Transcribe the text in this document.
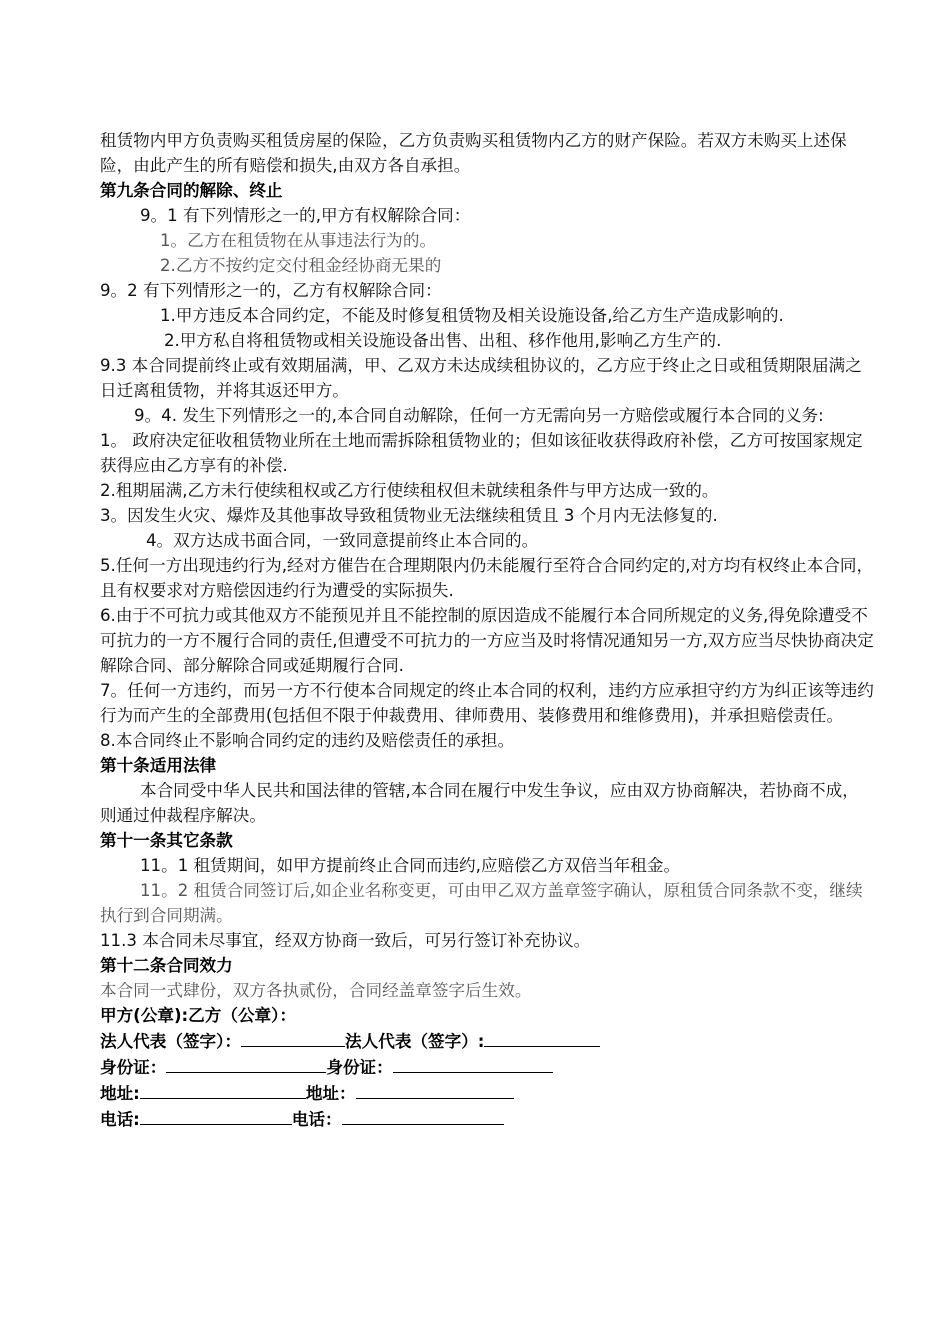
租赁物内甲方负责购买租赁房屋的保险，乙方负责购买租赁物内乙方的财产保险。若双方未购买上述保险，由此产生的所有赔偿和损失,由双方各自承担。

第九条合同的解除、终止

9。1 有下列情形之一的,甲方有权解除合同：

1。乙方在租赁物在从事违法行为的。

2.乙方不按约定交付租金经协商无果的

9。2 有下列情形之一的，乙方有权解除合同：

1.甲方违反本合同约定，不能及时修复租赁物及相关设施设备,给乙方生产造成影响的.

2.甲方私自将租赁物或相关设施设备出售、出租、移作他用,影响乙方生产的.

9.3 本合同提前终止或有效期届满，甲、乙双方未达成续租协议的，乙方应于终止之日或租赁期限届满之日迁离租赁物，并将其返还甲方。

9。4. 发生下列情形之一的,本合同自动解除，任何一方无需向另一方赔偿或履行本合同的义务:

1。 政府决定征收租赁物业所在土地而需拆除租赁物业的；但如该征收获得政府补偿，乙方可按国家规定获得应由乙方享有的补偿.

2.租期届满,乙方未行使续租权或乙方行使续租权但未就续租条件与甲方达成一致的。

3。因发生火灾、爆炸及其他事故导致租赁物业无法继续租赁且 3 个月内无法修复的.

4。双方达成书面合同，一致同意提前终止本合同的。

5.任何一方出现违约行为,经对方催告在合理期限内仍未能履行至符合合同约定的,对方均有权终止本合同，且有权要求对方赔偿因违约行为遭受的实际损失.

6.由于不可抗力或其他双方不能预见并且不能控制的原因造成不能履行本合同所规定的义务,得免除遭受不可抗力的一方不履行合同的责任,但遭受不可抗力的一方应当及时将情况通知另一方,双方应当尽快协商决定解除合同、部分解除合同或延期履行合同.

7。任何一方违约，而另一方不行使本合同规定的终止本合同的权利，违约方应承担守约方为纠正该等违约行为而产生的全部费用(包括但不限于仲裁费用、律师费用、装修费用和维修费用)，并承担赔偿责任。

8.本合同终止不影响合同约定的违约及赔偿责任的承担。

第十条适用法律

本合同受中华人民共和国法律的管辖,本合同在履行中发生争议，应由双方协商解决，若协商不成，则通过仲裁程序解决。

第十一条其它条款

11。1 租赁期间，如甲方提前终止合同而违约,应赔偿乙方双倍当年租金。

11。2 租赁合同签订后,如企业名称变更，可由甲乙双方盖章签字确认，原租赁合同条款不变，继续执行到合同期满。

11.3 本合同未尽事宜，经双方协商一致后，可另行签订补充协议。

第十二条合同效力

本合同一式肆份，双方各执贰份，合同经盖章签字后生效。

甲方(公章):乙方（公章）：
法人代表（签字）：	法人代表（签字）:
身份证：	身份证：
地址:	地址：
电话:	电话：
